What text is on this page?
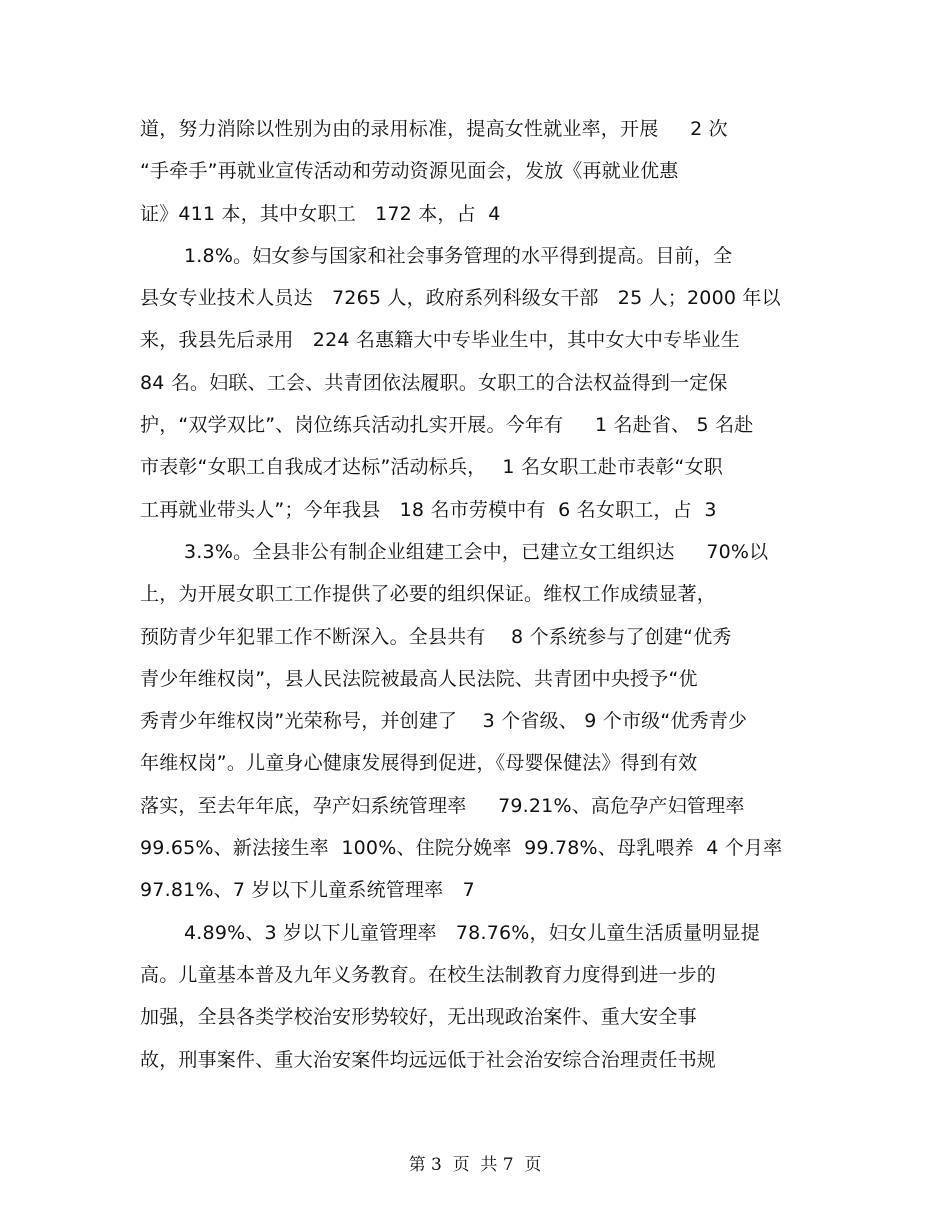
道，努力消除以性别为由的录用标准，提高女性就业率，开展　  2 次
“手牵手”再就业宣传活动和劳动资源见面会，发放《再就业优惠
证》411 本，其中女职工　172 本，占  4
1.8%。妇女参与国家和社会事务管理的水平得到提高。目前，全
县女专业技术人员达　7265 人，政府系列科级女干部　25 人；2000 年以
来，我县先后录用　224 名惠籍大中专毕业生中，其中女大中专毕业生
84 名。妇联、工会、共青团依法履职。女职工的合法权益得到一定保
护，“双学双比”、岗位练兵活动扎实开展。今年有　  1 名赴省、 5 名赴
市表彰“女职工自我成才达标”活动标兵，　 1 名女职工赴市表彰“女职
工再就业带头人”；今年我县　18 名市劳模中有  6 名女职工，占  3
3.3%。全县非公有制企业组建工会中，已建立女工组织达　  70%以
上，为开展女职工工作提供了必要的组织保证。维权工作成绩显著，
预防青少年犯罪工作不断深入。全县共有　 8 个系统参与了创建“优秀
青少年维权岗”，县人民法院被最高人民法院、共青团中央授予“优
秀青少年维权岗”光荣称号，并创建了　 3 个省级、 9 个市级“优秀青少
年维权岗”。儿童身心健康发展得到促进，《母婴保健法》得到有效
落实，至去年年底，孕产妇系统管理率　  79.21%、高危孕产妇管理率
99.65%、新法接生率  100%、住院分娩率  99.78%、母乳喂养  4 个月率
97.81%、7 岁以下儿童系统管理率　7
4.89%、3 岁以下儿童管理率　78.76%，妇女儿童生活质量明显提
高。儿童基本普及九年义务教育。在校生法制教育力度得到进一步的
加强，全县各类学校治安形势较好，无出现政治案件、重大安全事
故，刑事案件、重大治安案件均远远低于社会治安综合治理责任书规
第 3  页  共 7  页
